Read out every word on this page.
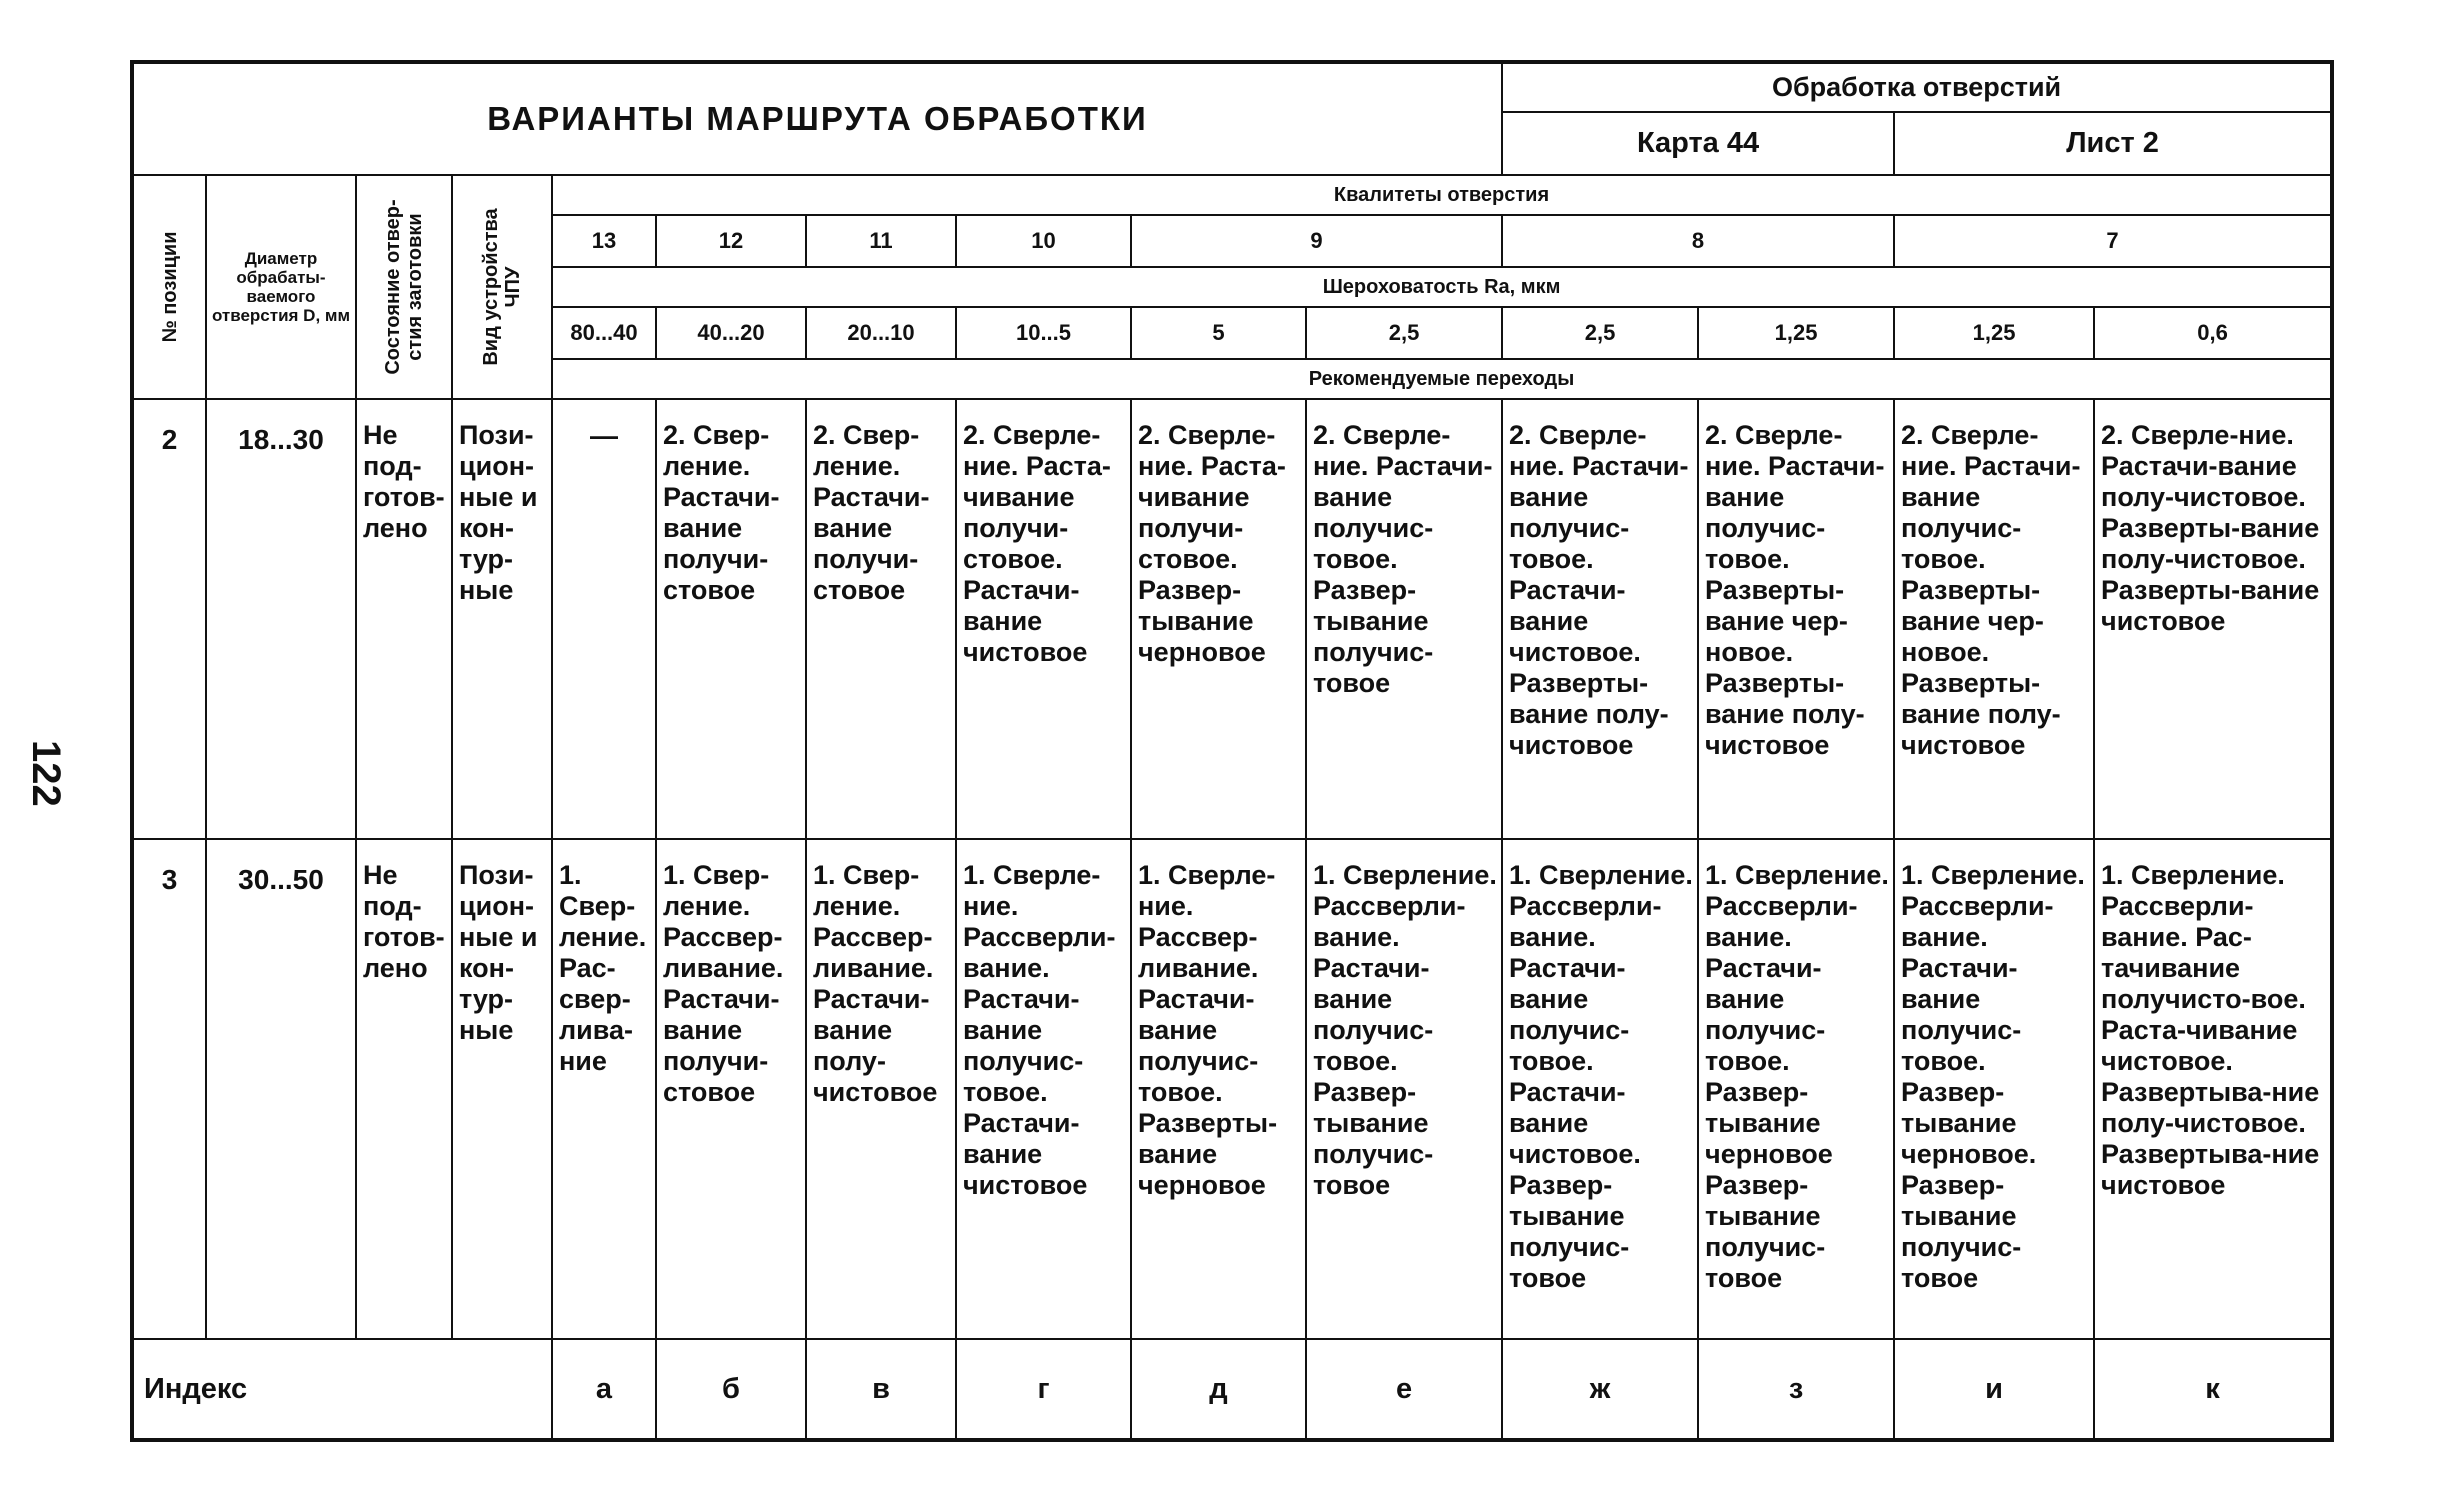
122
ВАРИАНТЫ МАРШРУТА ОБРАБОТКИ										Обработка отверстий			
										Карта 44		Лист 2	

№ позиции	Диаметр обрабаты-ваемого отверстия D, мм	Состояние отвер-стия заготовки	Вид устройства ЧПУ	Квалитеты отверстия									
				13	12	11	10	9		8		7	
				Шероховатость Ra, мкм									
				80...40	40...20	20...10	10...5	5	2,5	2,5	1,25	1,25	0,6
				Рекомендуемые переходы									
2	18...30	Не под-готов-лено	Пози-цион-ные и кон-тур-ные	—	2. Свер-ление. Растачи-вание получи-стовое	2. Свер-ление. Растачи-вание получи-стовое	2. Сверле-ние. Раста-чивание получи-стовое. Растачи-вание чистовое	2. Сверле-ние. Раста-чивание получи-стовое. Развер-тывание черновое	2. Сверле-ние. Растачи-вание получис-товое. Развер-тывание получис-товое	2. Сверле-ние. Растачи-вание получис-товое. Растачи-вание чистовое. Разверты-вание полу-чистовое	2. Сверле-ние. Растачи-вание получис-товое. Разверты-вание чер-новое. Разверты-вание полу-чистовое	2. Сверле-ние. Растачи-вание получис-товое. Разверты-вание чер-новое. Разверты-вание полу-чистовое	2. Сверле-ние. Растачи-вание полу-чистовое. Разверты-вание полу-чистовое. Разверты-вание чистовое
3	30...50	Не под-готов-лено	Пози-цион-ные и кон-тур-ные	1. Свер-ление. Рас-свер-лива-ние	1. Свер-ление. Рассвер-ливание. Растачи-вание получи-стовое	1. Свер-ление. Рассвер-ливание. Растачи-вание полу-чистовое	1. Сверле-ние. Рассверли-вание. Растачи-вание получис-товое. Растачи-вание чистовое	1. Сверле-ние. Рассвер-ливание. Растачи-вание получис-товое. Разверты-вание черновое	1. Сверление. Рассверли-вание. Растачи-вание получис-товое. Развер-тывание получис-товое	1. Сверление. Рассверли-вание. Растачи-вание получис-товое. Растачи-вание чистовое. Развер-тывание получис-товое	1. Сверление. Рассверли-вание. Растачи-вание получис-товое. Развер-тывание черновое Развер-тывание получис-товое	1. Сверление. Рассверли-вание. Растачи-вание получис-товое. Развер-тывание черновое. Развер-тывание получис-товое	1. Сверление. Рассверли-вание. Рас-тачивание получисто-вое. Раста-чивание чистовое. Развертыва-ние полу-чистовое. Развертыва-ние чистовое
Индекс				а	б	в	г	д	е	ж	з	и	к
